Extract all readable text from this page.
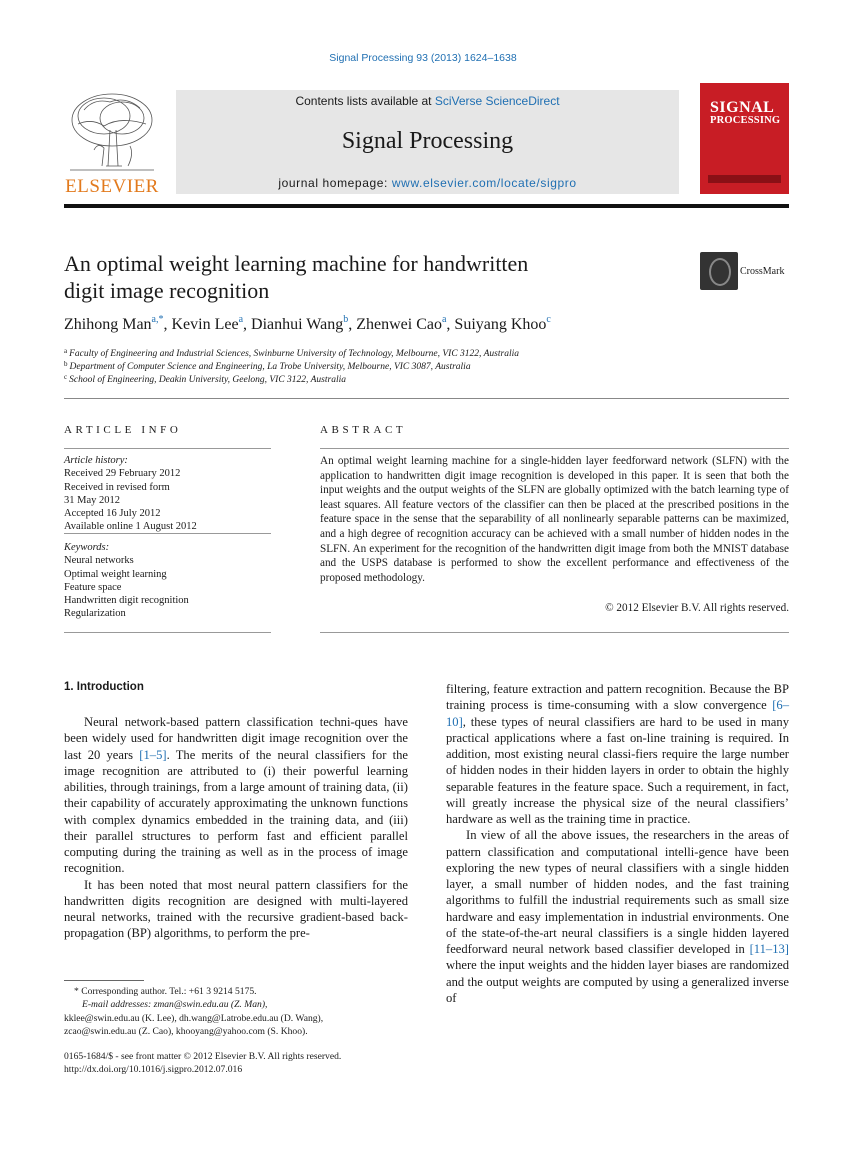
Signal Processing 93 (2013) 1624–1638
ELSEVIER
Contents lists available at SciVerse ScienceDirect
Signal Processing
journal homepage: www.elsevier.com/locate/sigpro
SIGNAL
PROCESSING
An optimal weight learning machine for handwritten
digit image recognition
CrossMark
Zhihong Man$^{a,*}$, Kevin Lee$^a$, Dianhui Wang$^b$, Zhenwei Cao$^a$, Suiyang Khoo$^c$
$^a$ Faculty of Engineering and Industrial Sciences, Swinburne University of Technology, Melbourne, VIC 3122, Australia
$^b$ Department of Computer Science and Engineering, La Trobe University, Melbourne, VIC 3087, Australia
$^c$ School of Engineering, Deakin University, Geelong, VIC 3122, Australia
ARTICLE INFO
Article history:
Received 29 February 2012
Received in revised form
31 May 2012
Accepted 16 July 2012
Available online 1 August 2012
Keywords:
Neural networks
Optimal weight learning
Feature space
Handwritten digit recognition
Regularization
ABSTRACT
An optimal weight learning machine for a single-hidden layer feedforward network (SLFN) with the application to handwritten digit image recognition is developed in this paper. It is seen that both the input weights and the output weights of the SLFN are globally optimized with the batch learning type of least squares. All feature vectors of the classifier can then be placed at the prescribed positions in the feature space in the sense that the separability of all nonlinearly separable patterns can be maximized, and a high degree of recognition accuracy can be achieved with a small number of hidden nodes in the SLFN. An experiment for the recognition of the handwritten digit image from both the MNIST database and the USPS database is performed to show the excellent performance and effectiveness of the proposed methodology.
© 2012 Elsevier B.V. All rights reserved.
1. Introduction

Neural network-based pattern classification techni-ques have been widely used for handwritten digit image recognition over the last 20 years [1–5]. The merits of the neural classifiers for the image recognition are attributed to (i) their powerful learning abilities, through trainings, from a large amount of training data, (ii) their capability of accurately approximating the unknown functions with complex dynamics embedded in the training data, and (iii) their parallel structures to perform fast and efficient parallel computing during the training as well as in the process of image recognition.

It has been noted that most neural pattern classifiers for the handwritten digits recognition are designed with multi-layered neural networks, trained with the recursive gradient-based back-propagation (BP) algorithms, to perform the pre-

filtering, feature extraction and pattern recognition. Because the BP training process is time-consuming with a slow convergence [6–10], these types of neural classifiers are hard to be used in many practical applications where a fast on-line training is required. In addition, most existing neural classi-fiers require the large number of hidden nodes in their hidden layers in order to obtain the highly separable features in the feature space. Such a requirement, in fact, will greatly increase the physical size of the neural classifiers’ hardware as well as the training time in practice.

In view of all the above issues, the researchers in the areas of pattern classification and computational intelli-gence have been exploring the new types of neural classifiers with a single hidden layer, a small number of hidden nodes, and the fast training algorithms to fulfill the industrial requirements such as small size hardware and easy implementation in industrial environments. One of the state-of-the-art neural classifiers is a single hidden layered feedforward neural network based classifier developed in [11–13] where the input weights and the hidden layer biases are randomized and the output weights are computed by using a generalized inverse of

* Corresponding author. Tel.: +61 3 9214 5175.
E-mail addresses: zman@swin.edu.au (Z. Man),
kklee@swin.edu.au (K. Lee), dh.wang@Latrobe.edu.au (D. Wang),
zcao@swin.edu.au (Z. Cao), khooyang@yahoo.com (S. Khoo).
0165-1684/$ - see front matter © 2012 Elsevier B.V. All rights reserved.
http://dx.doi.org/10.1016/j.sigpro.2012.07.016
